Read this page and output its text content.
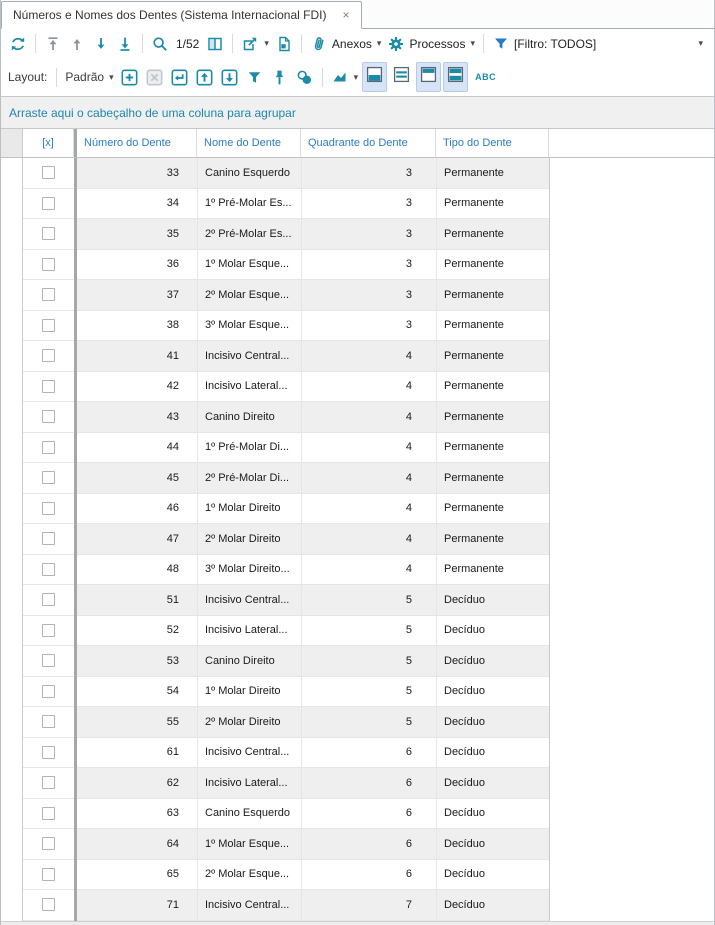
Números e Nomes dos Dentes (Sistema Internacional FDI) ×
1/52	▾	Anexos ▾ Processos ▾	[Filtro: TODOS]	▾
Layout: Padrão ▾	▾	ABC
Arraste aqui o cabeçalho de uma coluna para agrupar
[x]	Número do Dente	Nome do Dente	Quadrante do Dente	Tipo do Dente
33	Canino Esquerdo	3	Permanente
34	1º Pré-Molar Es...	3	Permanente
35	2º Pré-Molar Es...	3	Permanente
36	1º Molar Esque...	3	Permanente
37	2º Molar Esque...	3	Permanente
38	3º Molar Esque...	3	Permanente
41	Incisivo Central...	4	Permanente
42	Incisivo Lateral...	4	Permanente
43	Canino Direito	4	Permanente
44	1º Pré-Molar Di...	4	Permanente
45	2º Pré-Molar Di...	4	Permanente
46	1º Molar Direito	4	Permanente
47	2º Molar Direito	4	Permanente
48	3º Molar Direito...	4	Permanente
51	Incisivo Central...	5	Decíduo
52	Incisivo Lateral...	5	Decíduo
53	Canino Direito	5	Decíduo
54	1º Molar Direito	5	Decíduo
55	2º Molar Direito	5	Decíduo
61	Incisivo Central...	6	Decíduo
62	Incisivo Lateral...	6	Decíduo
63	Canino Esquerdo	6	Decíduo
64	1º Molar Esque...	6	Decíduo
65	2º Molar Esque...	6	Decíduo
71	Incisivo Central...	7	Decíduo
